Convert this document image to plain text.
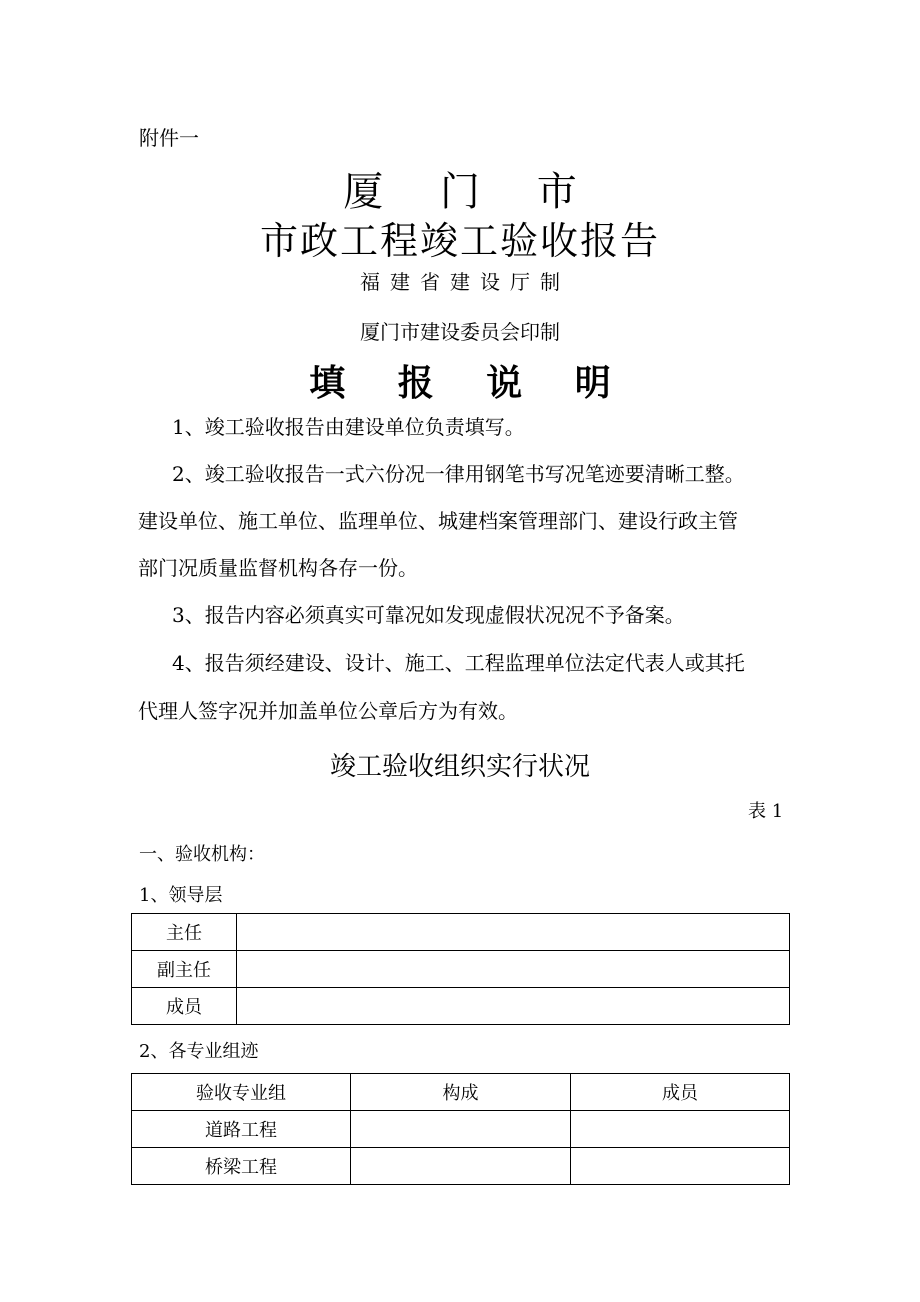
附件一
厦 门 市
市政工程竣工验收报告
福建省建设厅制
厦门市建设委员会印制
填 报 说 明
1、竣工验收报告由建设单位负责填写。
2、竣工验收报告一式六份况一律用钢笔书写况笔迹要清晰工整。
建设单位、施工单位、监理单位、城建档案管理部门、建设行政主管
部门况质量监督机构各存一份。
3、报告内容必须真实可靠况如发现虚假状况况不予备案。
4、报告须经建设、设计、施工、工程监理单位法定代表人或其托
代理人签字况并加盖单位公章后方为有效。
竣工验收组织实行状况
表 1
一、验收机构：
1、领导层
主任	
副主任	
成员	
2、各专业组迹
验收专业组	构成	成员
道路工程		
桥梁工程		
